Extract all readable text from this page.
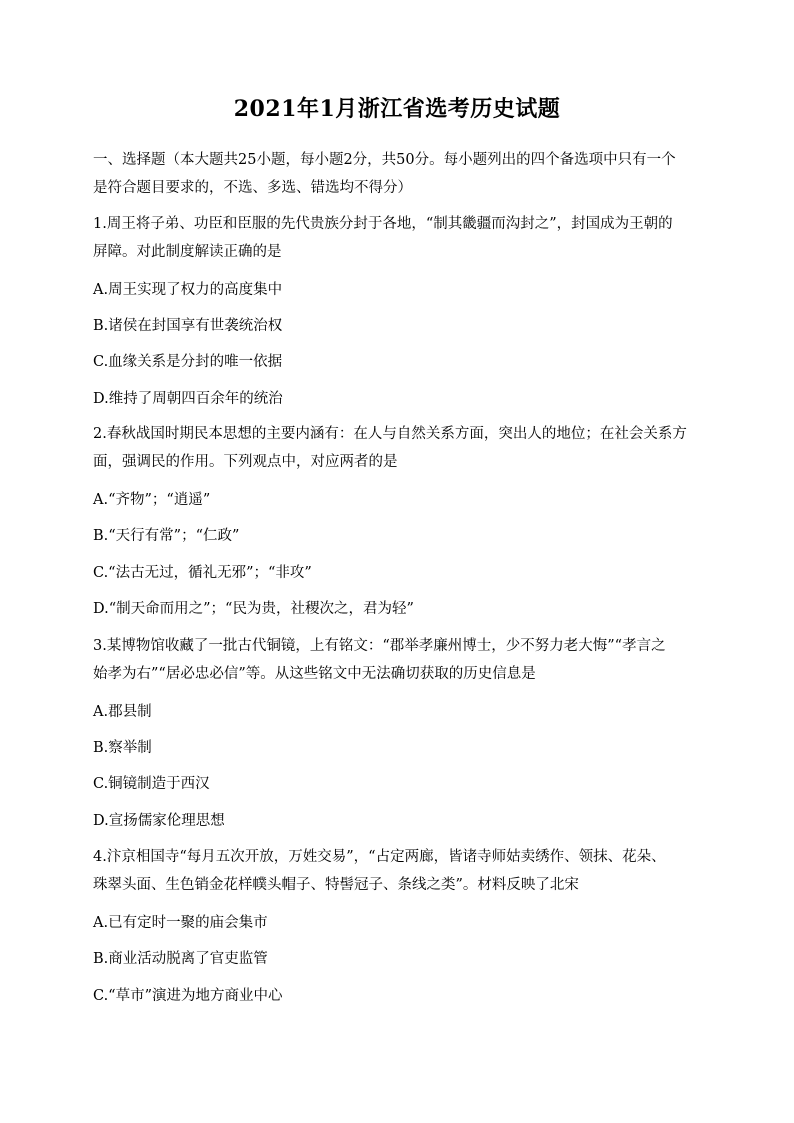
2021年1月浙江省选考历史试题
一、选择题（本大题共25小题，每小题2分，共50分。每小题列出的四个备选项中只有一个
是符合题目要求的，不选、多选、错选均不得分）
1.周王将子弟、功臣和臣服的先代贵族分封于各地，“制其畿疆而沟封之”，封国成为王朝的
屏障。对此制度解读正确的是
A.周王实现了权力的高度集中
B.诸侯在封国享有世袭统治权
C.血缘关系是分封的唯一依据
D.维持了周朝四百余年的统治
2.春秋战国时期民本思想的主要内涵有：在人与自然关系方面，突出人的地位；在社会关系方
面，强调民的作用。下列观点中，对应两者的是
A.“齐物”；“逍遥”
B.“天行有常”；“仁政”
C.“法古无过，循礼无邪”；“非攻”
D.“制天命而用之”；“民为贵，社稷次之，君为轻”
3.某博物馆收藏了一批古代铜镜，上有铭文：“郡举孝廉州博士，少不努力老大悔”“孝言之
始孝为右”“居必忠必信”等。从这些铭文中无法确切获取的历史信息是
A.郡县制
B.察举制
C.铜镜制造于西汉
D.宣扬儒家伦理思想
4.汴京相国寺“每月五次开放，万姓交易”，“占定两廊，皆诸寺师姑卖绣作、领抹、花朵、
珠翠头面、生色销金花样幞头帽子、特髻冠子、条线之类”。材料反映了北宋
A.已有定时一聚的庙会集市
B.商业活动脱离了官吏监管
C.“草市”演进为地方商业中心
